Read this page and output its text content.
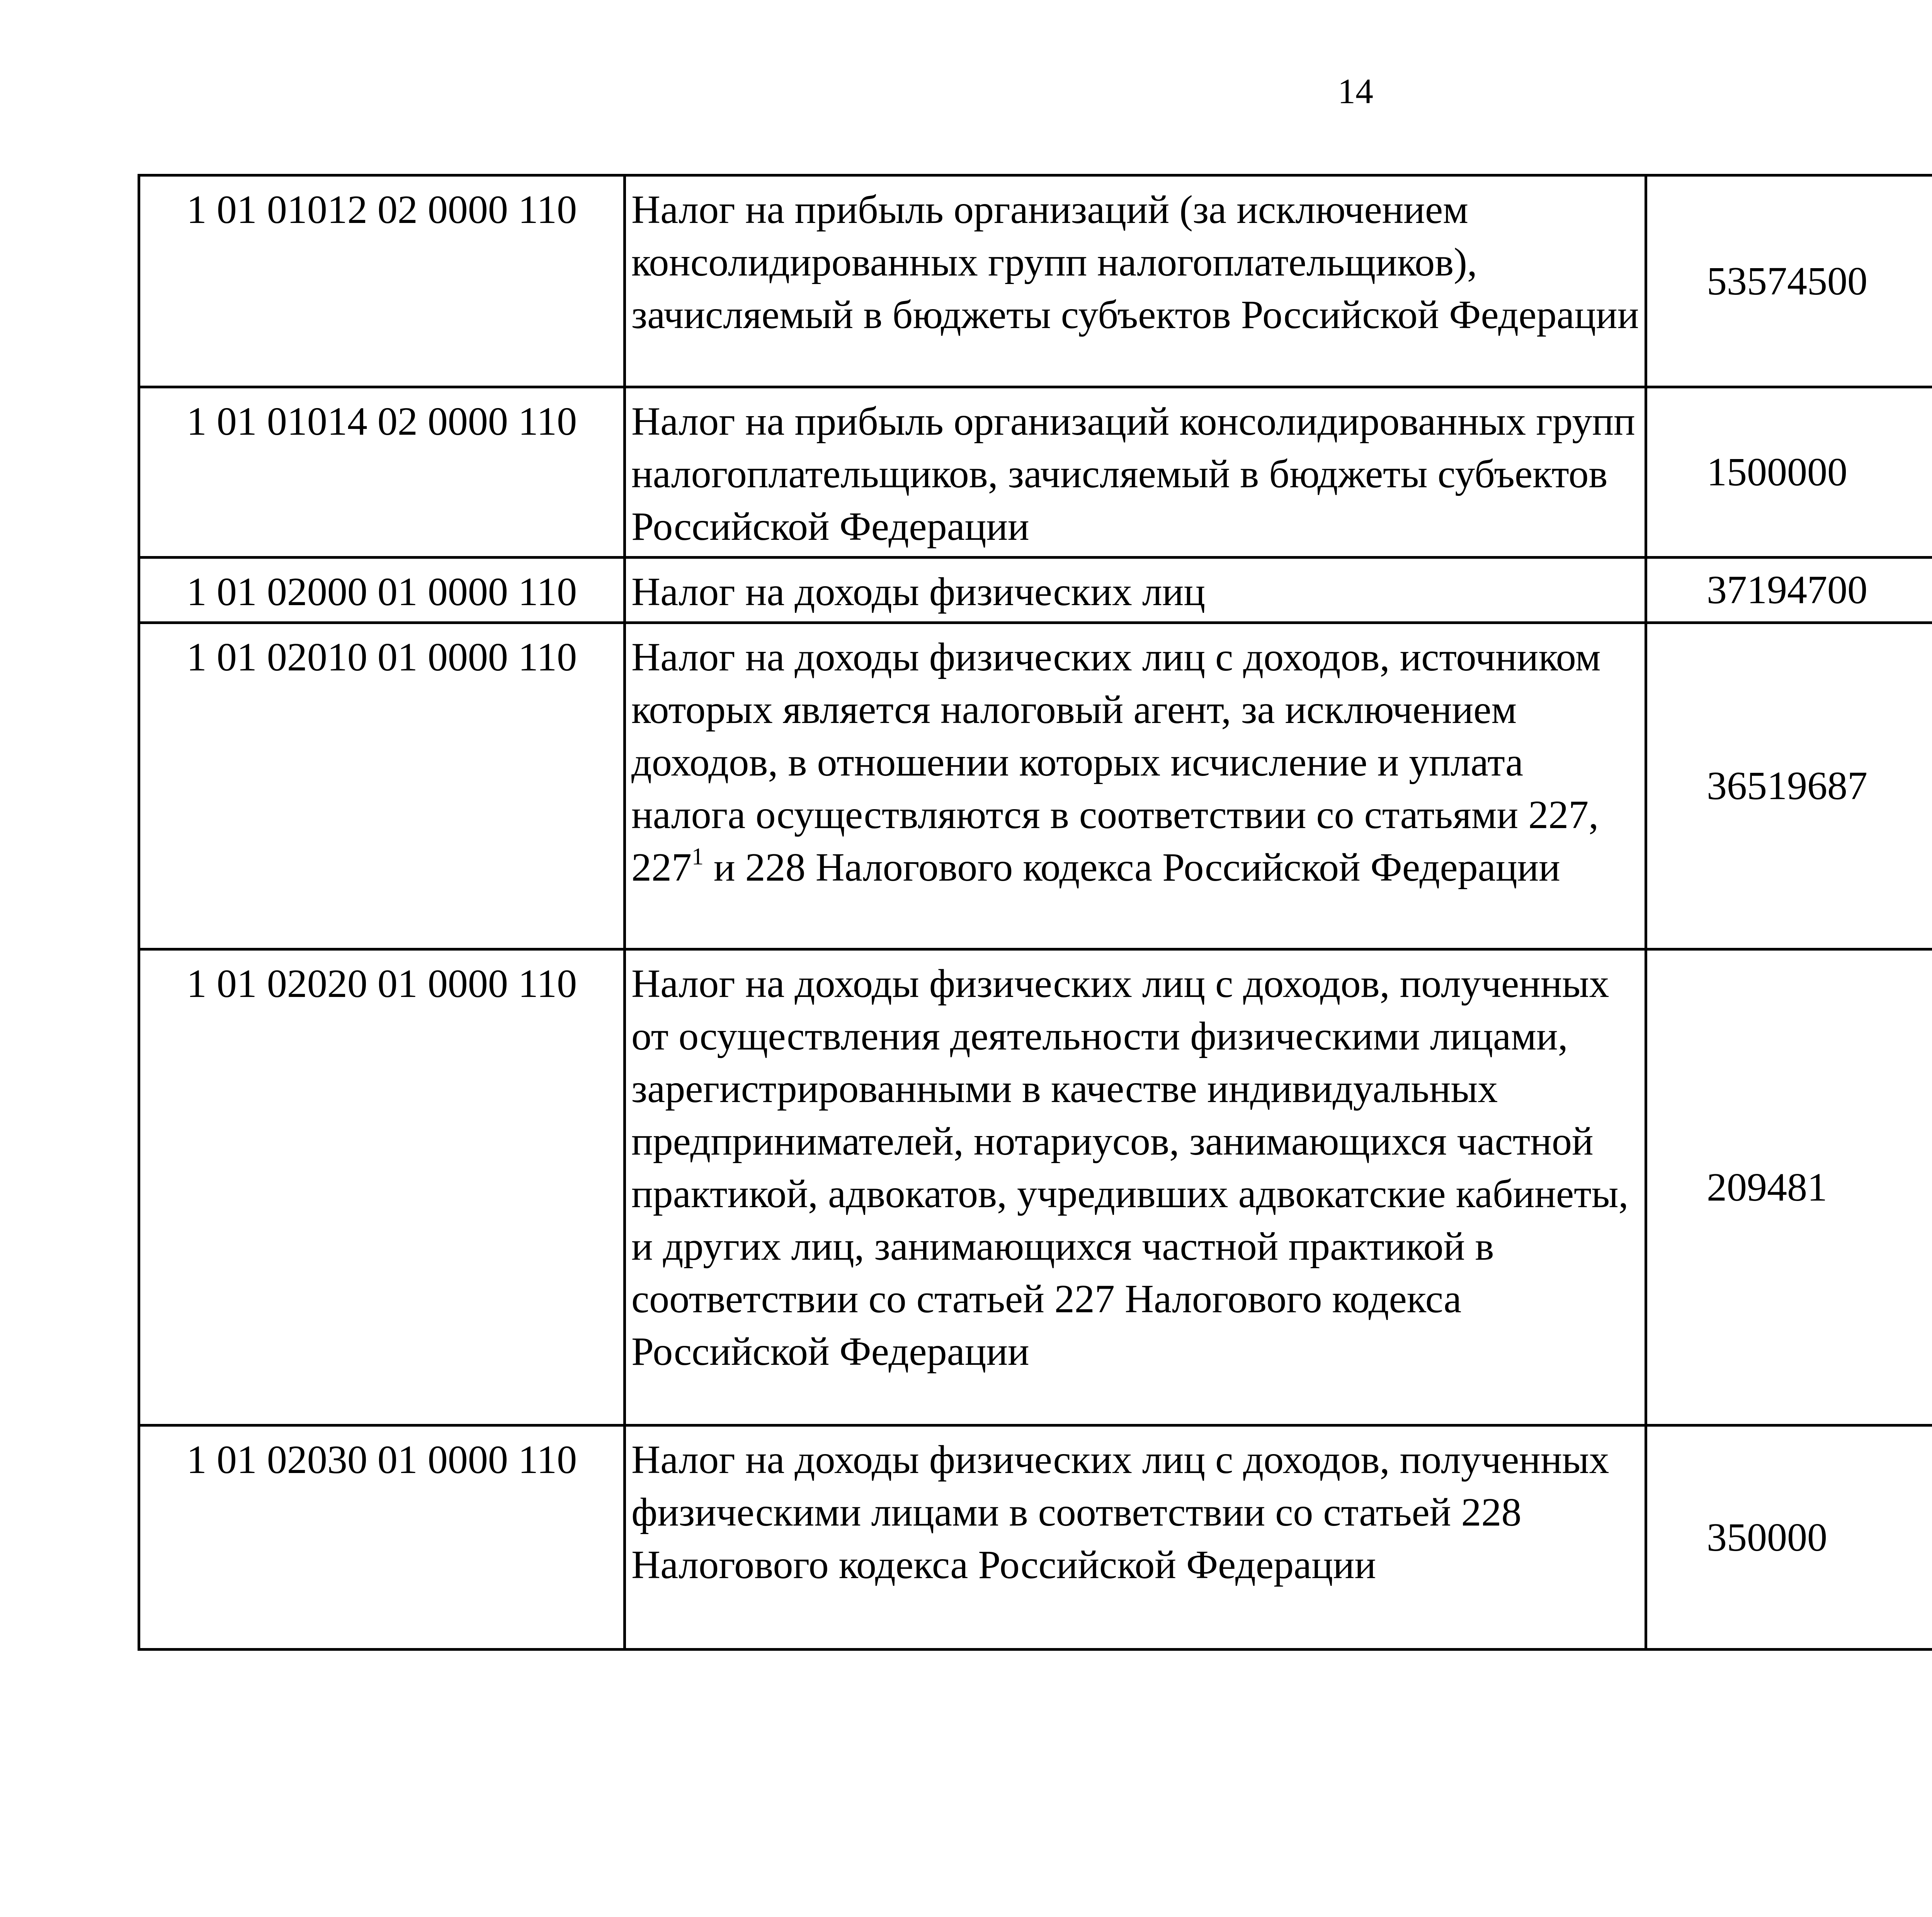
14
1 01 01012 02 0000 110	Налог на прибыль организаций (за исключением консолидированных групп налогоплательщиков), зачисляемый в бюджеты субъектов Российской Федерации	53574500		
1 01 01014 02 0000 110	Налог на прибыль организаций консолидированных групп налогоплательщиков, зачисляемый в бюджеты субъектов Российской Федерации	1500000		
1 01 02000 01 0000 110	Налог на доходы физических лиц	37194700		
1 01 02010 01 0000 110	Налог на доходы физических лиц с доходов, источником которых является налоговый агент, за исключением доходов, в отношении которых исчисление и уплата налога осуществляются в соответствии со статьями 227, 227$^1$ и 228 Налогового кодекса Российской Федерации	36519687		
1 01 02020 01 0000 110	Налог на доходы физических лиц с доходов, полученных от осуществления деятельности физическими лицами, зарегистрированными в качестве индивидуальных предпринимателей, нотариусов, занимающихся частной практикой, адвокатов, учредивших адвокатские кабинеты, и других лиц, занимающихся частной практикой в соответствии со статьей 227 Налогового кодекса Российской Федерации	209481		
1 01 02030 01 0000 110	Налог на доходы физических лиц с доходов, полученных физическими лицами в соответствии со статьей 228 Налогового кодекса Российской Федерации	350000		
